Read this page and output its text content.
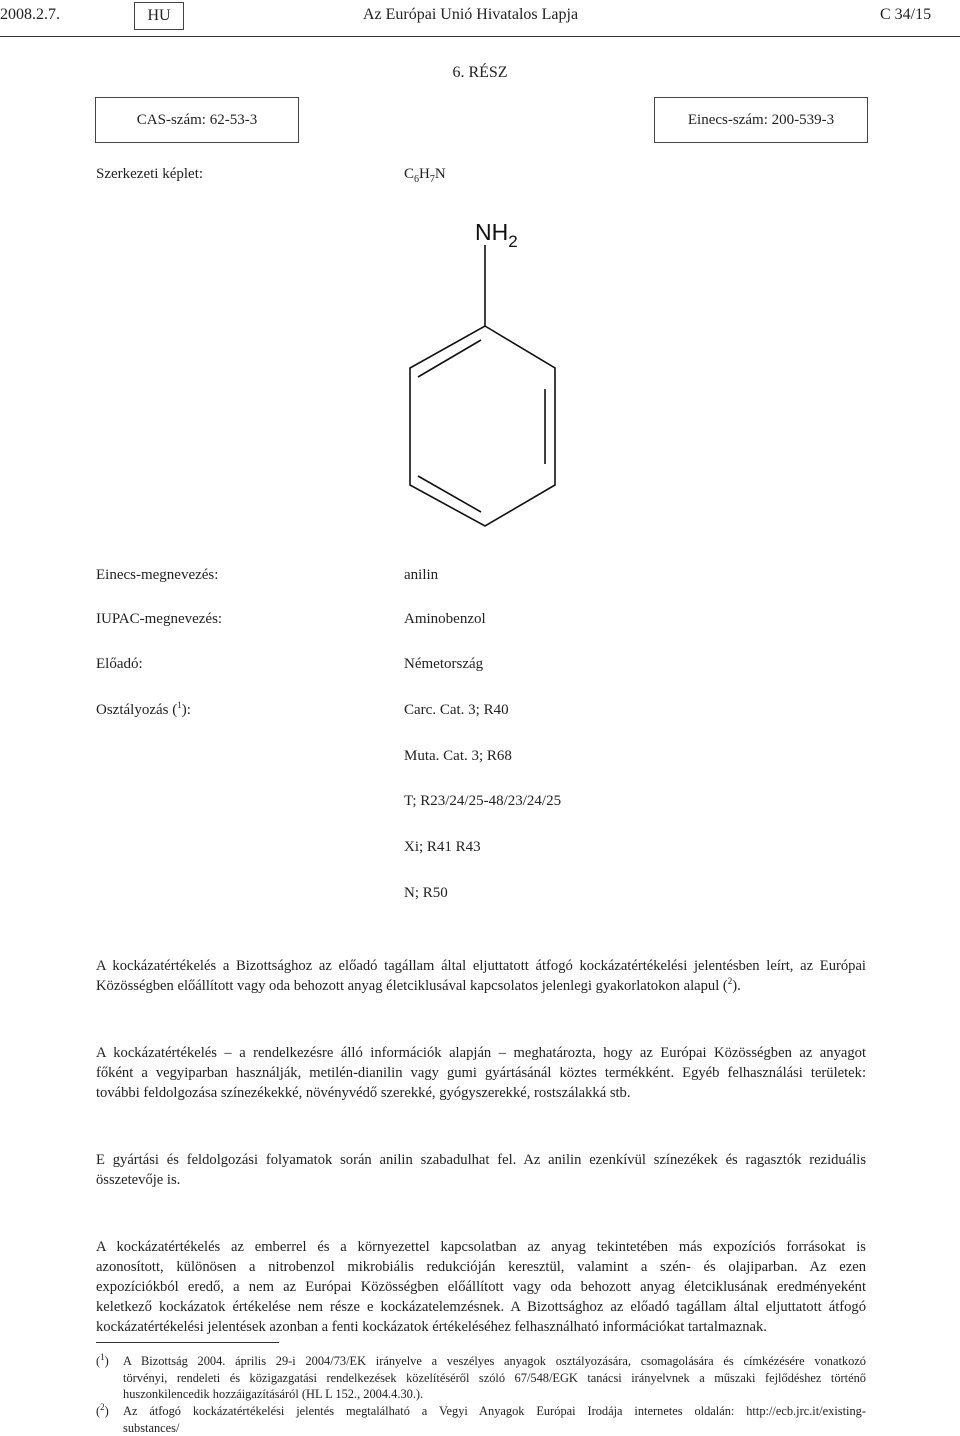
2008.2.7.	HU	Az Európai Unió Hivatalos Lapja	C 34/15
6. RÉSZ
CAS-szám: 62-53-3	Einecs-szám: 200-539-3
Szerkezeti képlet:	$C_6H_7N$
$NH_2$
Einecs-megnevezés:	anilin
IUPAC-megnevezés:	Aminobenzol
Előadó:	Németország
Osztályozás ($^1$):	Carc. Cat. 3; R40
Muta. Cat. 3; R68
T; R23/24/25-48/23/24/25
Xi; R41 R43
N; R50
A kockázatértékelés a Bizottsághoz az előadó tagállam által eljuttatott átfogó kockázatértékelési jelentésben leírt, az Európai
Közösségben előállított vagy oda behozott anyag életciklusával kapcsolatos jelenlegi gyakorlatokon alapul ($^2$).
A kockázatértékelés – a rendelkezésre álló információk alapján – meghatározta, hogy az Európai Közösségben az anyagot
főként a vegyiparban használják, metilén-dianilin vagy gumi gyártásánál köztes termékként. Egyéb felhasználási területek:
további feldolgozása színezékekké, növényvédő szerekké, gyógyszerekké, rostszálakká stb.
E gyártási és feldolgozási folyamatok során anilin szabadulhat fel. Az anilin ezenkívül színezékek és ragasztók reziduális
összetevője is.
A kockázatértékelés az emberrel és a környezettel kapcsolatban az anyag tekintetében más expozíciós forrásokat is
azonosított, különösen a nitrobenzol mikrobiális redukcióján keresztül, valamint a szén- és olajiparban. Az ezen
expozíciókból eredő, a nem az Európai Közösségben előállított vagy oda behozott anyag életciklusának eredményeként
keletkező kockázatok értékelése nem része e kockázatelemzésnek. A Bizottsághoz az előadó tagállam által eljuttatott átfogó
kockázatértékelési jelentések azonban a fenti kockázatok értékeléséhez felhasználható információkat tartalmaznak.
($^1$) A Bizottság 2004. április 29-i 2004/73/EK irányelve a veszélyes anyagok osztályozására, csomagolására és címkézésére vonatkozó
törvényi, rendeleti és közigazgatási rendelkezések közelítéséről szóló 67/548/EGK tanácsi irányelvnek a műszaki fejlődéshez történő
huszonkilencedik hozzáigazításáról (HL L 152., 2004.4.30.).
($^2$) Az átfogó kockázatértékelési jelentés megtalálható a Vegyi Anyagok Európai Irodája internetes oldalán: http://ecb.jrc.it/existing-
substances/
